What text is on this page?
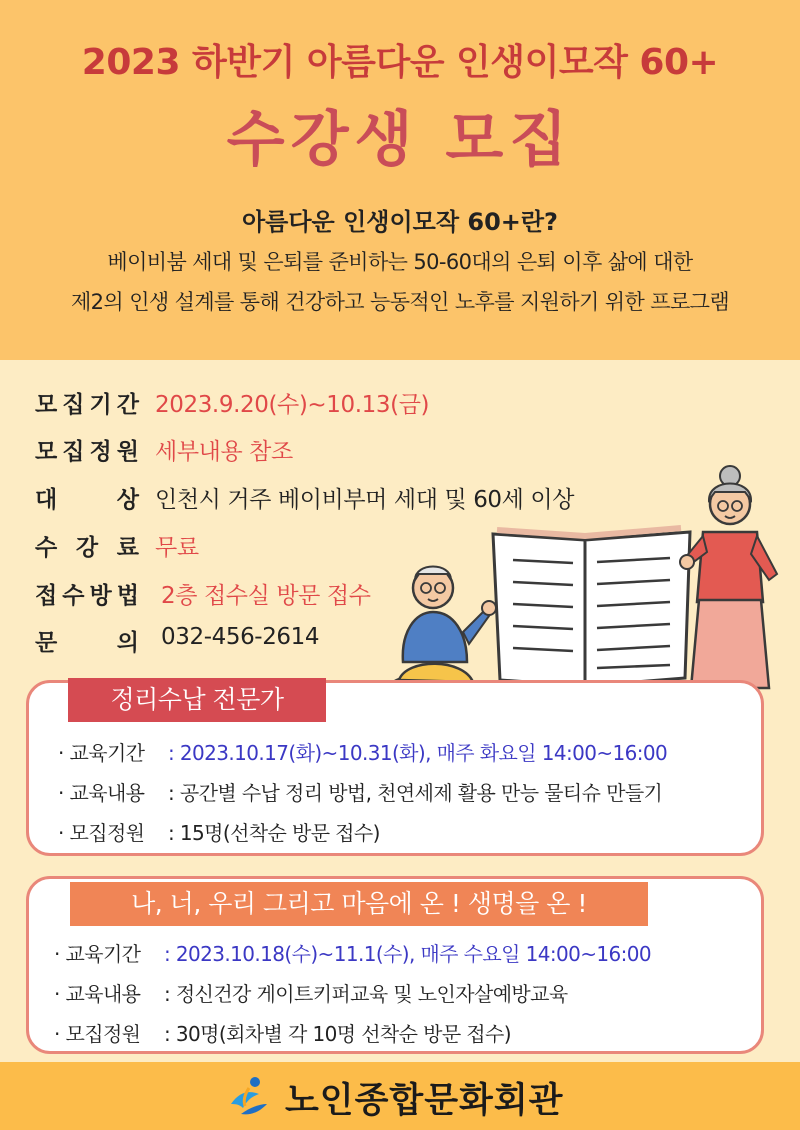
2023 하반기 아름다운 인생이모작 60+
수강생 모집
아름다운 인생이모작 60+란?
베이비붐 세대 및 은퇴를 준비하는 50-60대의 은퇴 이후 삶에 대한
제2의 인생 설계를 통해 건강하고 능동적인 노후를 지원하기 위한 프로그램
모 집 기 간 2023.9.20(수)~10.13(금)
모 집 정 원 세부내용 참조
대	상 인천시 거주 베이비부머 세대 및 60세 이상
수 강 료 무료
접 수 방 법 2층 접수실 방문 접수
문	의 032-456-2614
정리수납 전문가
· 교육기간 : 2023.10.17(화)~10.31(화), 매주 화요일 14:00~16:00
· 교육내용 : 공간별 수납 정리 방법, 천연세제 활용 만능 물티슈 만들기
· 모집정원 : 15명(선착순 방문 접수)
나, 너, 우리 그리고 마음에 온 ! 생명을 온 !
· 교육기간 : 2023.10.18(수)~11.1(수), 매주 수요일 14:00~16:00
· 교육내용 : 정신건강 게이트키퍼교육 및 노인자살예방교육
· 모집정원 : 30명(회차별 각 10명 선착순 방문 접수)
노인종합문화회관
